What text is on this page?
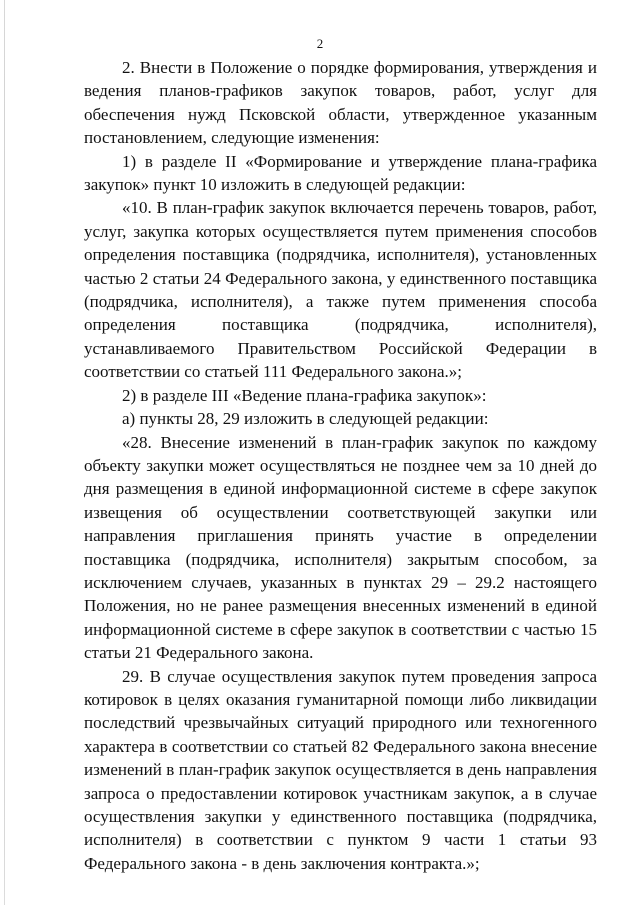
2

2. Внести в Положение о порядке формирования, утверждения и ведения планов-графиков закупок товаров, работ, услуг для обеспечения нужд Псковской области, утвержденное указанным постановлением, следующие изменения:

1) в разделе II «Формирование и утверждение плана-графика закупок» пункт 10 изложить в следующей редакции:

«10. В план-график закупок включается перечень товаров, работ, услуг, закупка которых осуществляется путем применения способов определения поставщика (подрядчика, исполнителя), установленных частью 2 статьи 24 Федерального закона, у единственного поставщика (подрядчика, исполнителя), а также путем применения способа определения поставщика (подрядчика, исполнителя), устанавливаемого Правительством Российской Федерации в соответствии со статьей 111 Федерального закона.»;

2) в разделе III «Ведение плана-графика закупок»:

а) пункты 28, 29 изложить в следующей редакции:

«28. Внесение изменений в план-график закупок по каждому объекту закупки может осуществляться не позднее чем за 10 дней до дня размещения в единой информационной системе в сфере закупок извещения об осуществлении соответствующей закупки или направления приглашения принять участие в определении поставщика (подрядчика, исполнителя) закрытым способом, за исключением случаев, указанных в пунктах 29 – 29.2 настоящего Положения, но не ранее размещения внесенных изменений в единой информационной системе в сфере закупок в соответствии с частью 15 статьи 21 Федерального закона.

29. В случае осуществления закупок путем проведения запроса котировок в целях оказания гуманитарной помощи либо ликвидации последствий чрезвычайных ситуаций природного или техногенного характера в соответствии со статьей 82 Федерального закона внесение изменений в план-график закупок осуществляется в день направления запроса о предоставлении котировок участникам закупок, а в случае осуществления закупки у единственного поставщика (подрядчика, исполнителя) в соответствии с пунктом 9 части 1 статьи 93 Федерального закона - в день заключения контракта.»;
